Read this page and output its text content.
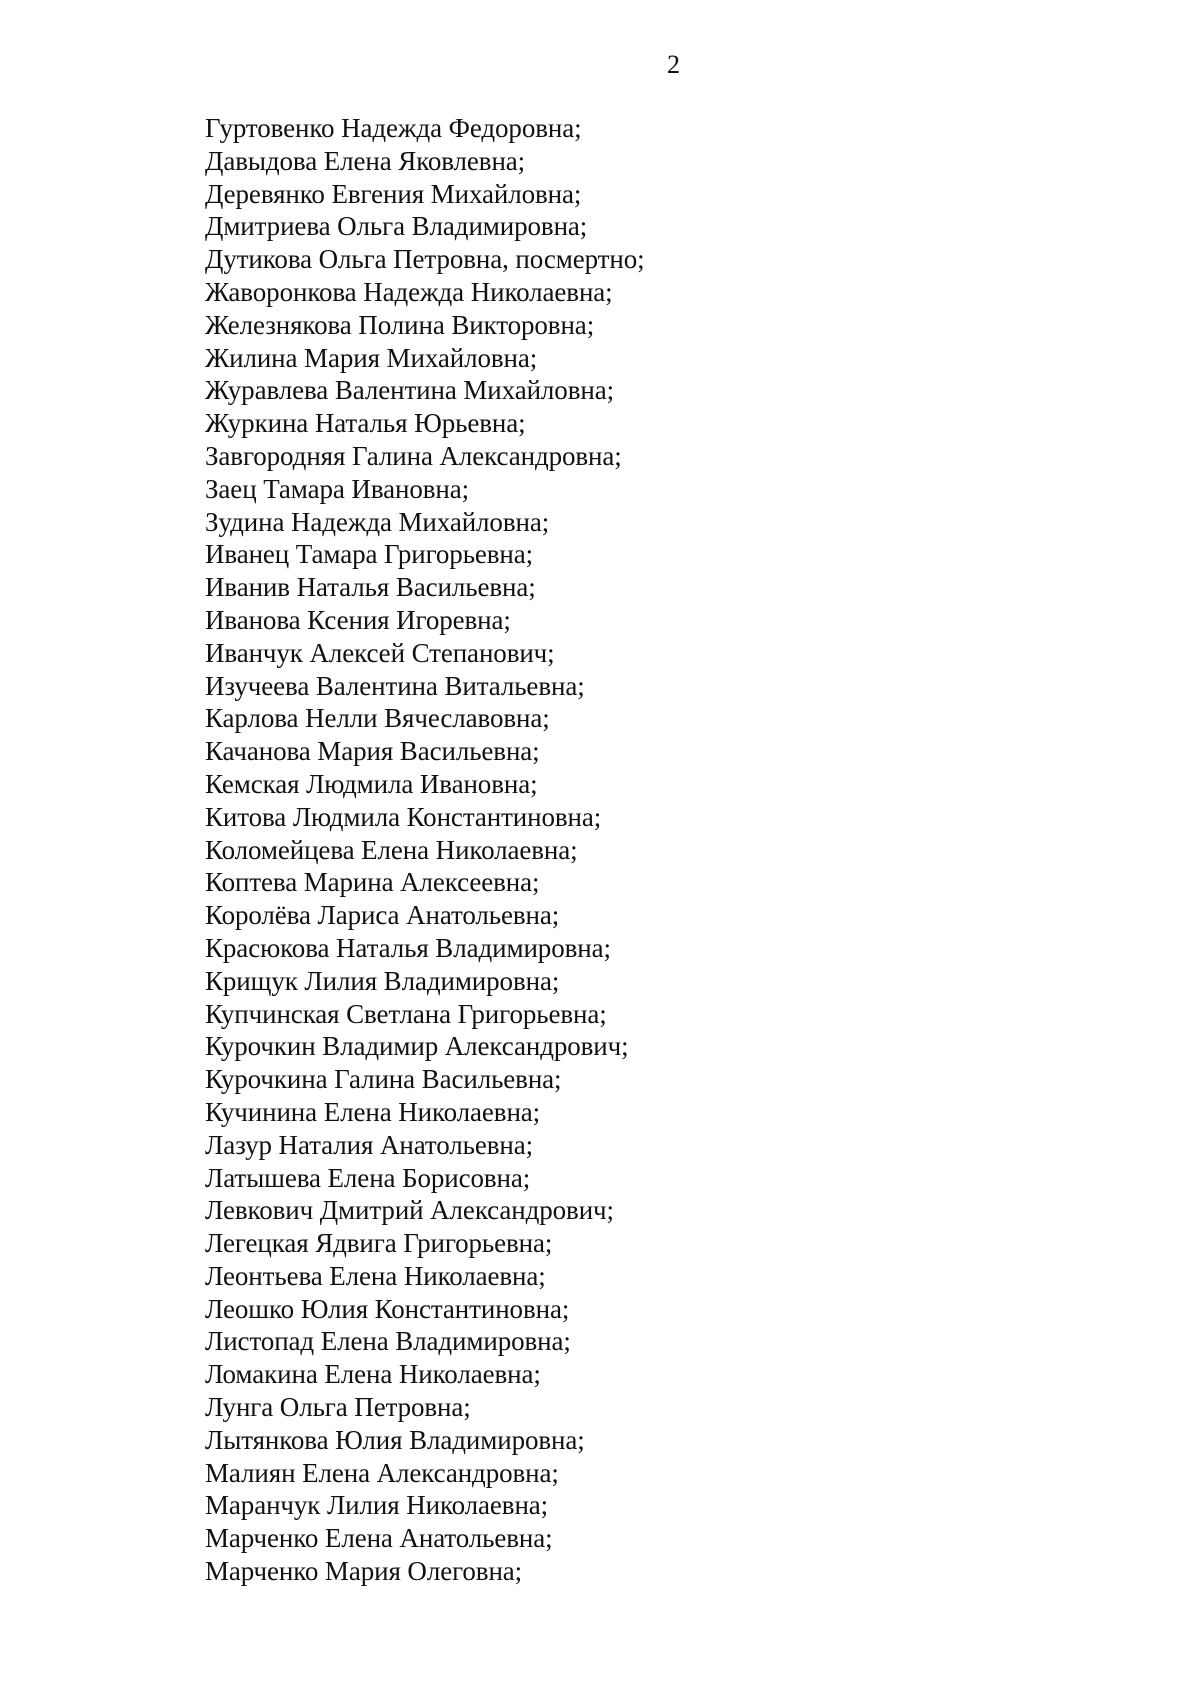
2
Гуртовенко Надежда Федоровна;
Давыдова Елена Яковлевна;
Деревянко Евгения Михайловна;
Дмитриева Ольга Владимировна;
Дутикова Ольга Петровна, посмертно;
Жаворонкова Надежда Николаевна;
Железнякова Полина Викторовна;
Жилина Мария Михайловна;
Журавлева Валентина Михайловна;
Журкина Наталья Юрьевна;
Завгородняя Галина Александровна;
Заец Тамара Ивановна;
Зудина Надежда Михайловна;
Иванец Тамара Григорьевна;
Иванив Наталья Васильевна;
Иванова Ксения Игоревна;
Иванчук Алексей Степанович;
Изучеева Валентина Витальевна;
Карлова Нелли Вячеславовна;
Качанова Мария Васильевна;
Кемская Людмила Ивановна;
Китова Людмила Константиновна;
Коломейцева Елена Николаевна;
Коптева Марина Алексеевна;
Королёва Лариса Анатольевна;
Красюкова Наталья Владимировна;
Крищук Лилия Владимировна;
Купчинская Светлана Григорьевна;
Курочкин Владимир Александрович;
Курочкина Галина Васильевна;
Кучинина Елена Николаевна;
Лазур Наталия Анатольевна;
Латышева Елена Борисовна;
Левкович Дмитрий Александрович;
Легецкая Ядвига Григорьевна;
Леонтьева Елена Николаевна;
Леошко Юлия Константиновна;
Листопад Елена Владимировна;
Ломакина Елена Николаевна;
Лунга Ольга Петровна;
Лытянкова Юлия Владимировна;
Малиян Елена Александровна;
Маранчук Лилия Николаевна;
Марченко Елена Анатольевна;
Марченко Мария Олеговна;
